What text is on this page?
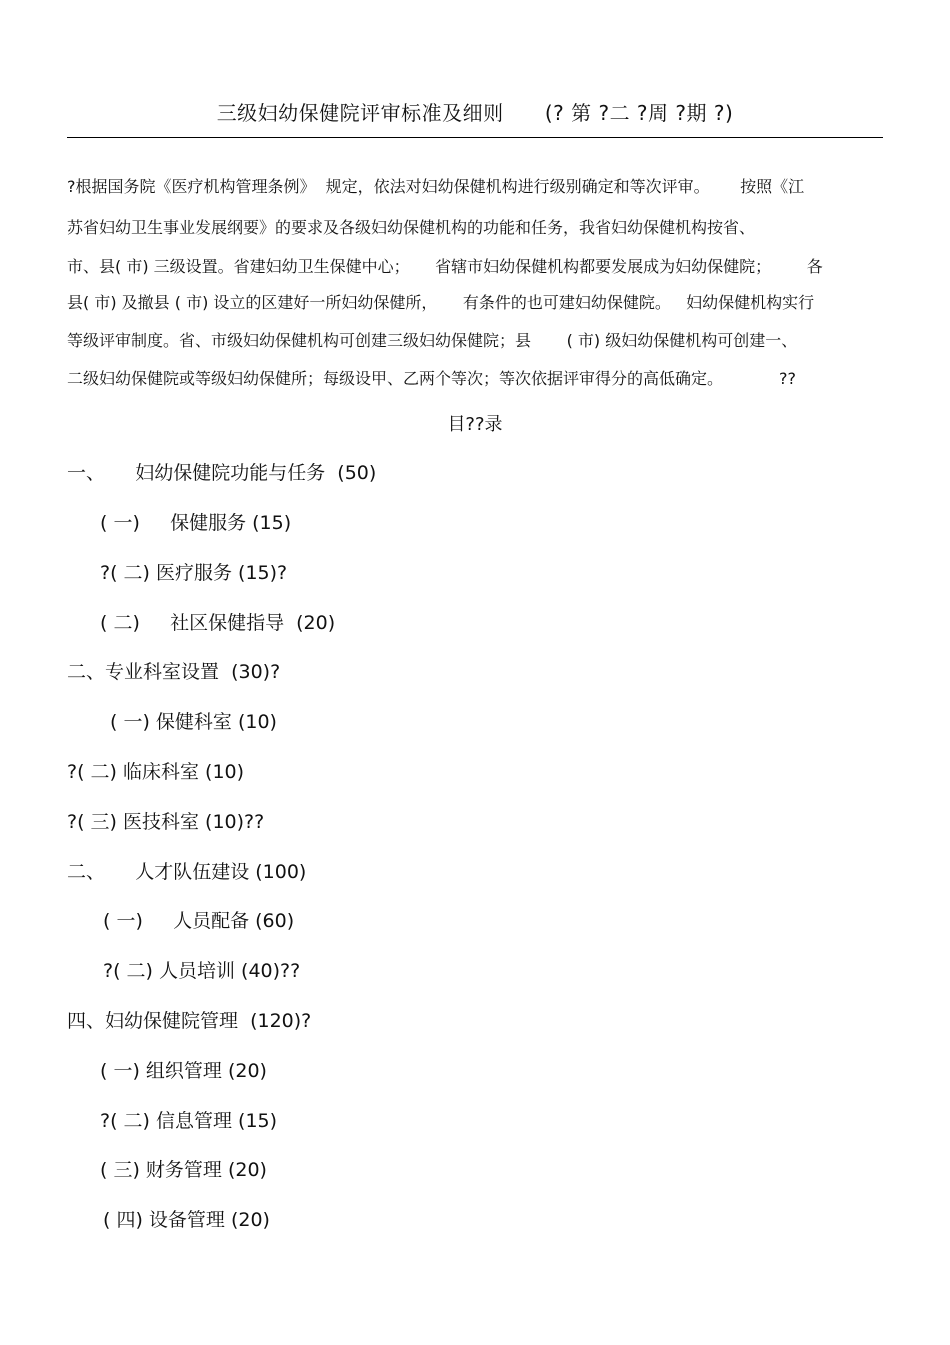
三级妇幼保健院评审标准及细则      (? 第 ?二 ?周 ?期 ?)
?根据国务院《医疗机构管理条例》  规定，依法对妇幼保健机构进行级别确定和等次评审。      按照《江
苏省妇幼卫生事业发展纲要》的要求及各级妇幼保健机构的功能和任务，我省妇幼保健机构按省、
市、县( 市) 三级设置。省建妇幼卫生保健中心；     省辖市妇幼保健机构都要发展成为妇幼保健院；       各
县( 市) 及撤县 ( 市) 设立的区建好一所妇幼保健所，     有条件的也可建妇幼保健院。   妇幼保健机构实行
等级评审制度。省、市级妇幼保健机构可创建三级妇幼保健院；县       ( 市) 级妇幼保健机构可创建一、
二级妇幼保健院或等级妇幼保健所；每级设甲、乙两个等次；等次依据评审得分的高低确定。           ??
目??录
一、     妇幼保健院功能与任务  (50)
( 一)     保健服务 (15)
?( 二) 医疗服务 (15)?
( 二)     社区保健指导  (20)
二、专业科室设置  (30)?
( 一) 保健科室 (10)
?( 二) 临床科室 (10)
?( 三) 医技科室 (10)??
二、     人才队伍建设 (100)
( 一)     人员配备 (60)
?( 二) 人员培训 (40)??
四、妇幼保健院管理  (120)?
( 一) 组织管理 (20)
?( 二) 信息管理 (15)
( 三) 财务管理 (20)
( 四) 设备管理 (20)
